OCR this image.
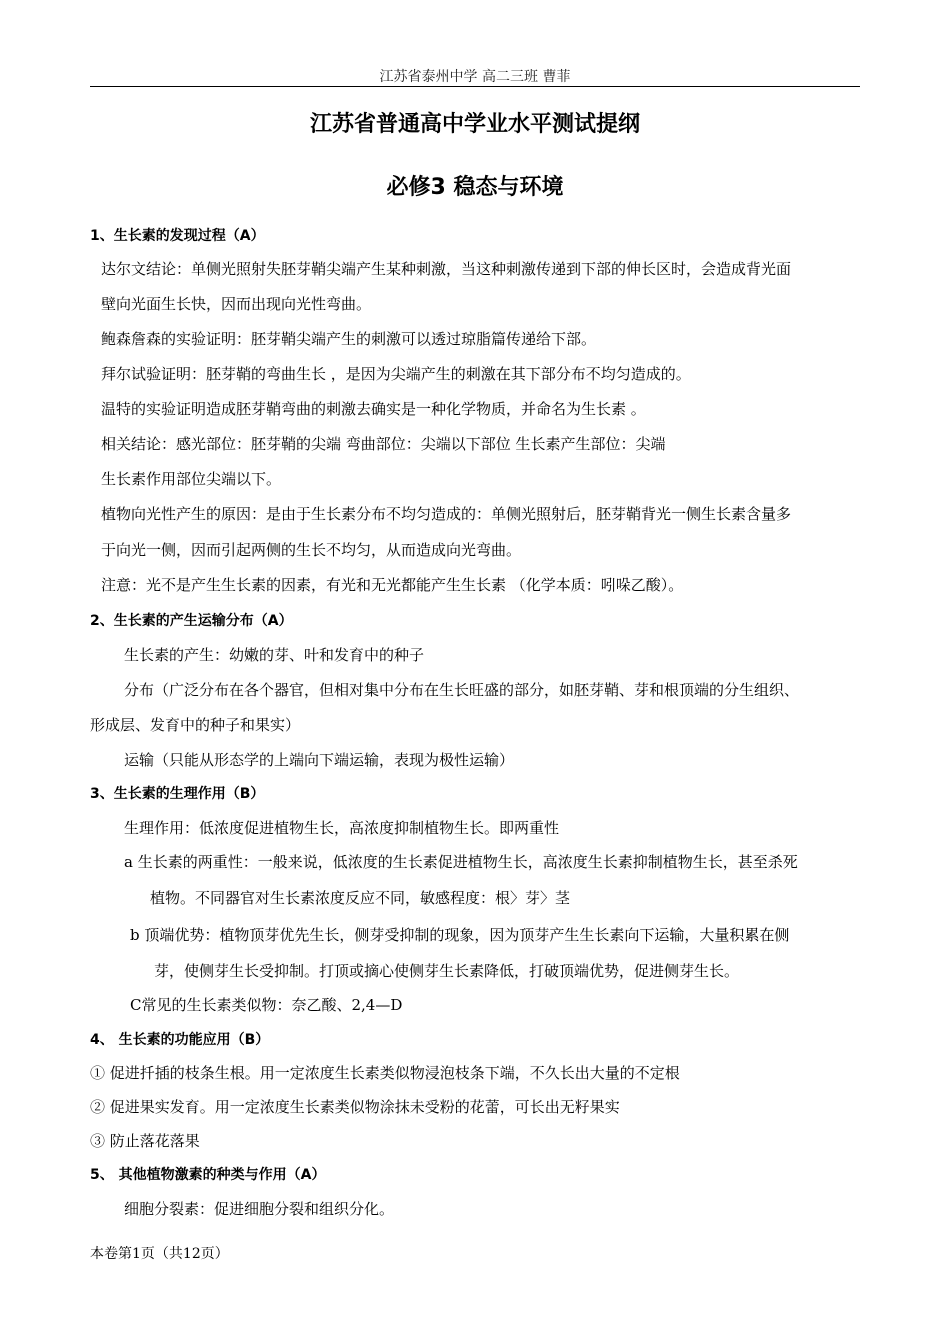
江苏省泰州中学 高二三班 曹菲
江苏省普通高中学业水平测试提纲
必修3 稳态与环境
1、生长素的发现过程（A）
达尔文结论：单侧光照射失胚芽鞘尖端产生某种刺激，当这种刺激传递到下部的伸长区时，会造成背光面
壁向光面生长快，因而出现向光性弯曲。
鲍森詹森的实验证明：胚芽鞘尖端产生的刺激可以透过琼脂篇传递给下部。
拜尔试验证明：胚芽鞘的弯曲生长 ，是因为尖端产生的刺激在其下部分布不均匀造成的。
温特的实验证明造成胚芽鞘弯曲的刺激去确实是一种化学物质，并命名为生长素 。
相关结论：感光部位：胚芽鞘的尖端 弯曲部位：尖端以下部位 生长素产生部位：尖端
生长素作用部位尖端以下。
植物向光性产生的原因：是由于生长素分布不均匀造成的：单侧光照射后，胚芽鞘背光一侧生长素含量多
于向光一侧，因而引起两侧的生长不均匀，从而造成向光弯曲。
注意：光不是产生生长素的因素，有光和无光都能产生生长素 （化学本质：吲哚乙酸）。
2、生长素的产生运输分布（A）
生长素的产生：幼嫩的芽、叶和发育中的种子
分布（广泛分布在各个器官，但相对集中分布在生长旺盛的部分，如胚芽鞘、芽和根顶端的分生组织、
形成层、发育中的种子和果实）
运输（只能从形态学的上端向下端运输，表现为极性运输）
3、生长素的生理作用（B）
生理作用：低浓度促进植物生长，高浓度抑制植物生长。即两重性
a 生长素的两重性：一般来说，低浓度的生长素促进植物生长，高浓度生长素抑制植物生长，甚至杀死
植物。不同器官对生长素浓度反应不同，敏感程度：根〉芽〉茎
b 顶端优势：植物顶芽优先生长，侧芽受抑制的现象，因为顶芽产生生长素向下运输，大量积累在侧
芽，使侧芽生长受抑制。打顶或摘心使侧芽生长素降低，打破顶端优势，促进侧芽生长。
C常见的生长素类似物：奈乙酸、2,4—D
4、 生长素的功能应用（B）
① 促进扦插的枝条生根。用一定浓度生长素类似物浸泡枝条下端，不久长出大量的不定根
② 促进果实发育。用一定浓度生长素类似物涂抹未受粉的花蕾，可长出无籽果实
③ 防止落花落果
5、 其他植物激素的种类与作用（A）
细胞分裂素：促进细胞分裂和组织分化。
本卷第1页（共12页）
